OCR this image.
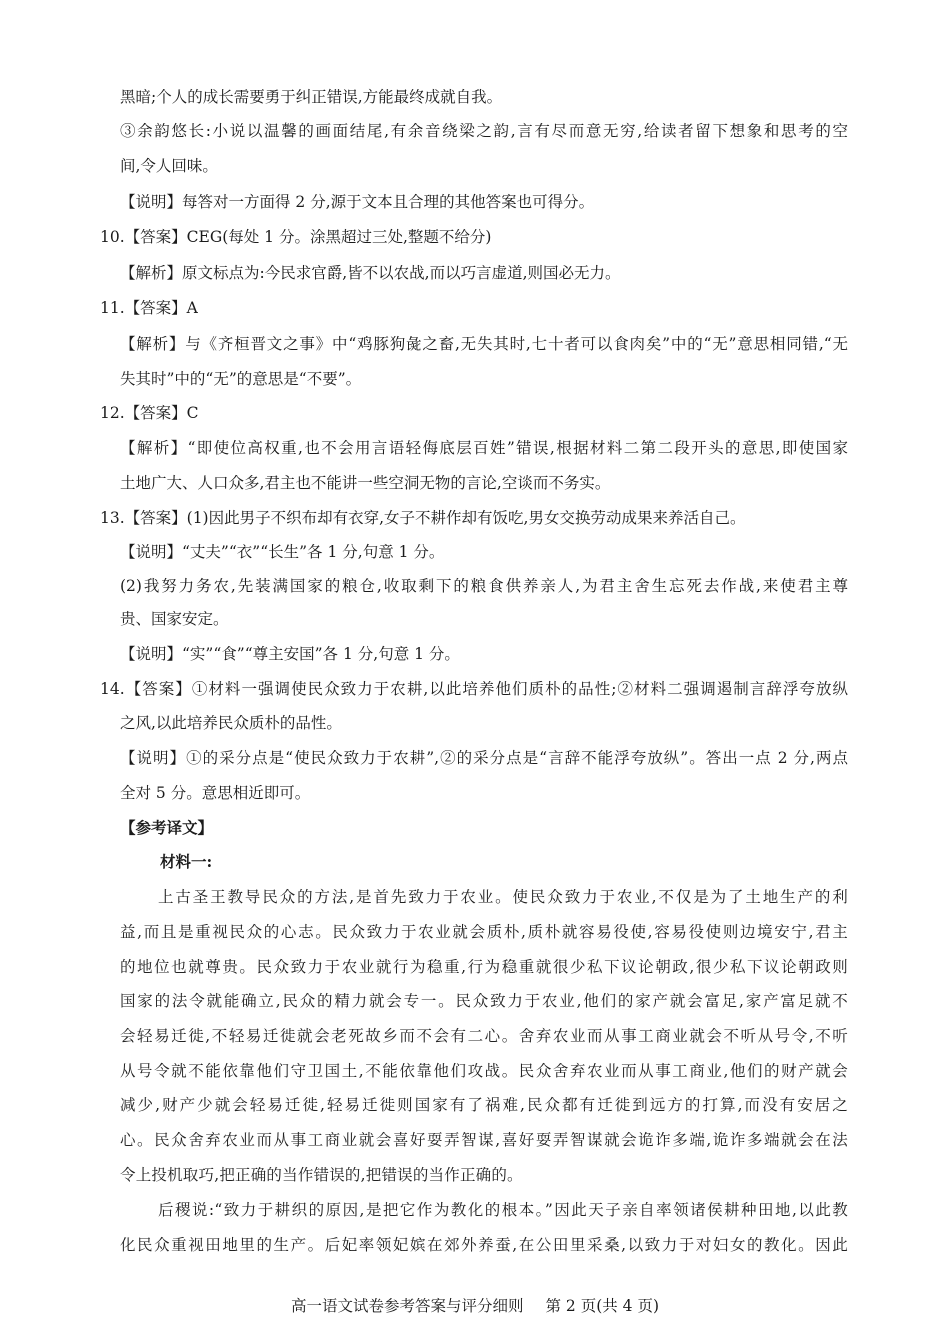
黑暗;个人的成长需要勇于纠正错误,方能最终成就自我。
③余韵悠长:小说以温馨的画面结尾,有余音绕梁之韵,言有尽而意无穷,给读者留下想象和思考的空
间,令人回味。
【说明】每答对一方面得 2 分,源于文本且合理的其他答案也可得分。
10.【答案】CEG(每处 1 分。涂黑超过三处,整题不给分)
【解析】原文标点为:今民求官爵,皆不以农战,而以巧言虚道,则国必无力。
11.【答案】A
【解析】与《齐桓晋文之事》中“鸡豚狗彘之畜,无失其时,七十者可以食肉矣”中的“无”意思相同错,“无
失其时”中的“无”的意思是“不要”。
12.【答案】C
【解析】“即使位高权重,也不会用言语轻侮底层百姓”错误,根据材料二第二段开头的意思,即使国家
土地广大、人口众多,君主也不能讲一些空洞无物的言论,空谈而不务实。
13.【答案】(1)因此男子不织布却有衣穿,女子不耕作却有饭吃,男女交换劳动成果来养活自己。
【说明】“丈夫”“衣”“长生”各 1 分,句意 1 分。
(2)我努力务农,先装满国家的粮仓,收取剩下的粮食供养亲人,为君主舍生忘死去作战,来使君主尊
贵、国家安定。
【说明】“实”“食”“尊主安国”各 1 分,句意 1 分。
14.【答案】①材料一强调使民众致力于农耕,以此培养他们质朴的品性;②材料二强调遏制言辞浮夸放纵
之风,以此培养民众质朴的品性。
【说明】①的采分点是“使民众致力于农耕”,②的采分点是“言辞不能浮夸放纵”。答出一点 2 分,两点
全对 5 分。意思相近即可。
【参考译文】
材料一:
上古圣王教导民众的方法,是首先致力于农业。使民众致力于农业,不仅是为了土地生产的利
益,而且是重视民众的心志。民众致力于农业就会质朴,质朴就容易役使,容易役使则边境安宁,君主
的地位也就尊贵。民众致力于农业就行为稳重,行为稳重就很少私下议论朝政,很少私下议论朝政则
国家的法令就能确立,民众的精力就会专一。民众致力于农业,他们的家产就会富足,家产富足就不
会轻易迁徙,不轻易迁徙就会老死故乡而不会有二心。舍弃农业而从事工商业就会不听从号令,不听
从号令就不能依靠他们守卫国土,不能依靠他们攻战。民众舍弃农业而从事工商业,他们的财产就会
减少,财产少就会轻易迁徙,轻易迁徙则国家有了祸难,民众都有迁徙到远方的打算,而没有安居之
心。民众舍弃农业而从事工商业就会喜好耍弄智谋,喜好耍弄智谋就会诡诈多端,诡诈多端就会在法
令上投机取巧,把正确的当作错误的,把错误的当作正确的。
后稷说:“致力于耕织的原因,是把它作为教化的根本。”因此天子亲自率领诸侯耕种田地,以此教
化民众重视田地里的生产。后妃率领妃嫔在郊外养蚕,在公田里采桑,以致力于对妇女的教化。因此
高一语文试卷参考答案与评分细则 第 2 页(共 4 页)
